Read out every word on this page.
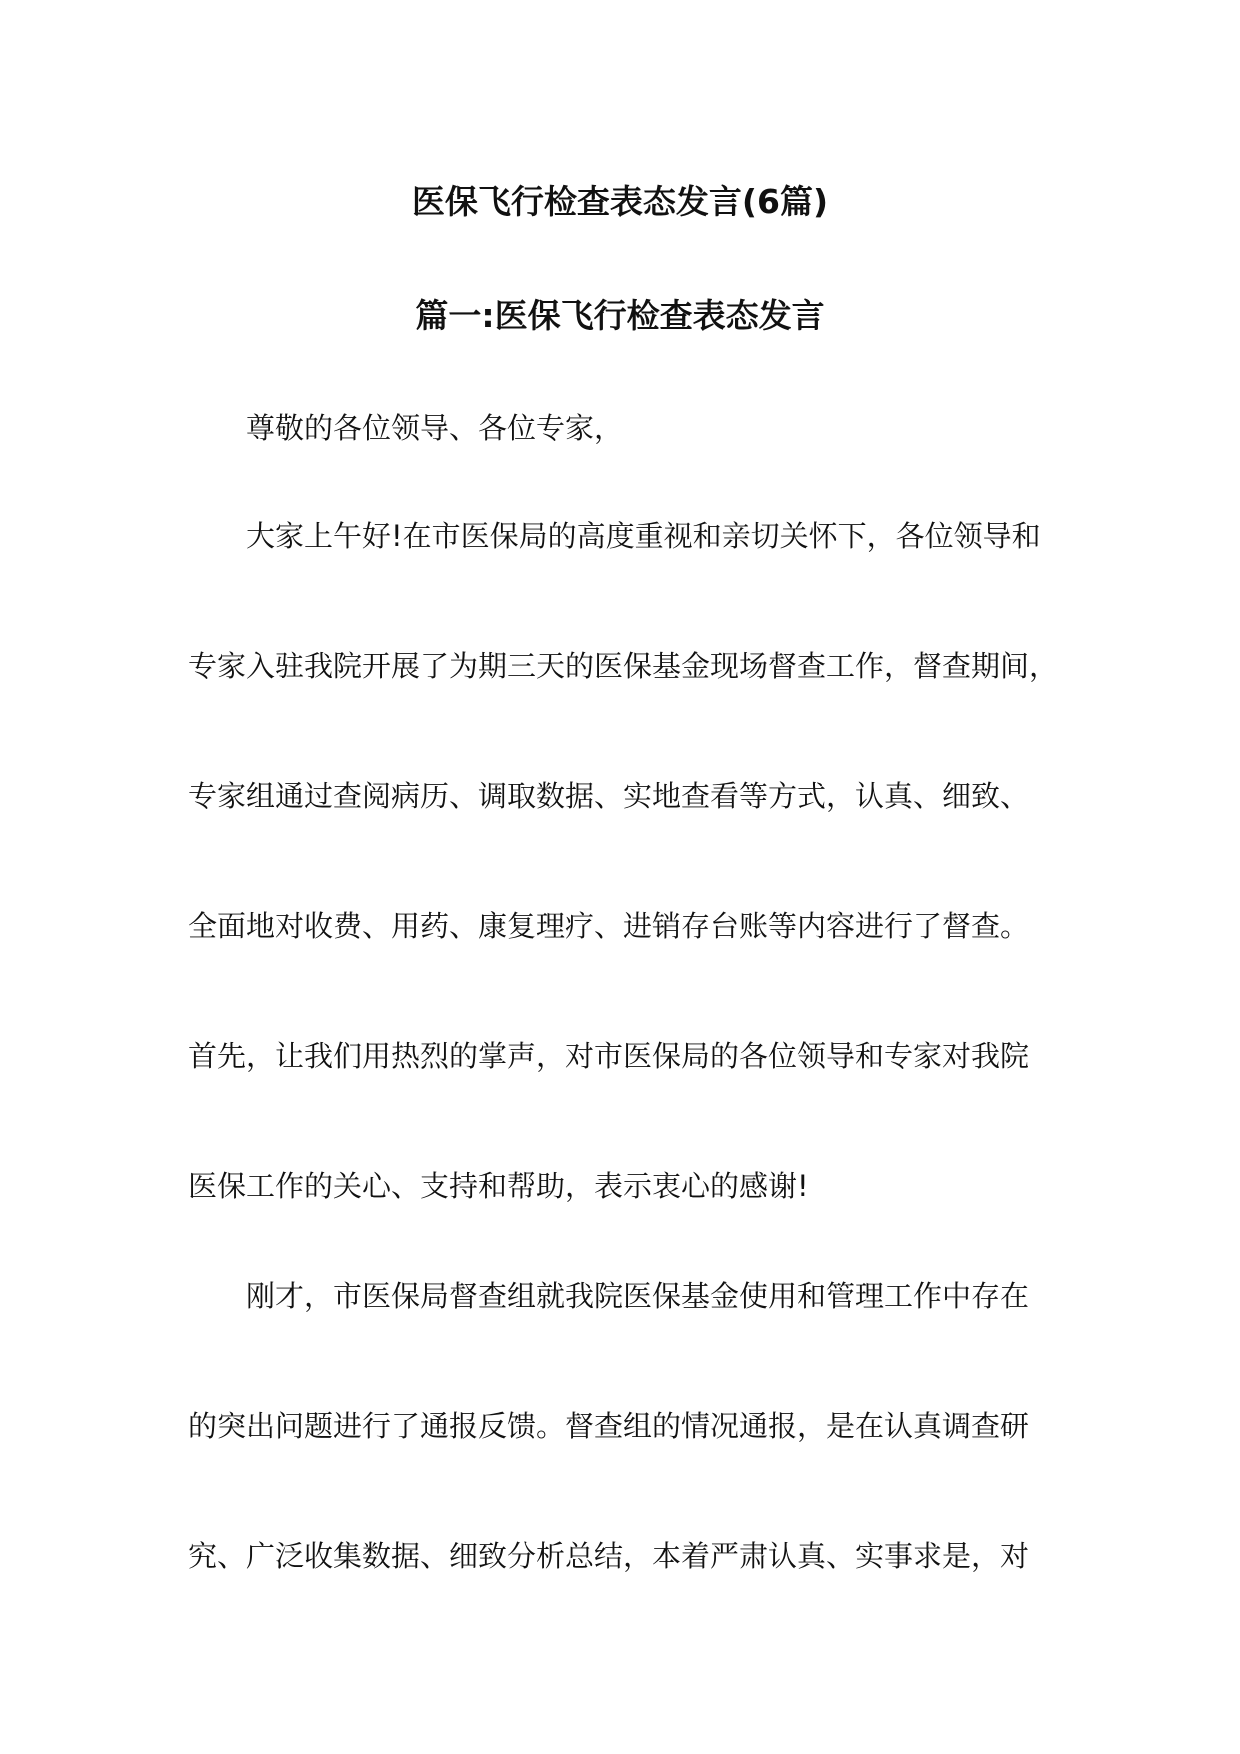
医保飞行检查表态发言(6篇)
篇一:医保飞行检查表态发言
尊敬的各位领导、各位专家，
大家上午好!在市医保局的高度重视和亲切关怀下，各位领导和
专家入驻我院开展了为期三天的医保基金现场督查工作，督查期间，
专家组通过查阅病历、调取数据、实地查看等方式，认真、细致、
全面地对收费、用药、康复理疗、进销存台账等内容进行了督查。
首先，让我们用热烈的掌声，对市医保局的各位领导和专家对我院
医保工作的关心、支持和帮助，表示衷心的感谢!
刚才，市医保局督查组就我院医保基金使用和管理工作中存在
的突出问题进行了通报反馈。督查组的情况通报，是在认真调查研
究、广泛收集数据、细致分析总结，本着严肃认真、实事求是，对
